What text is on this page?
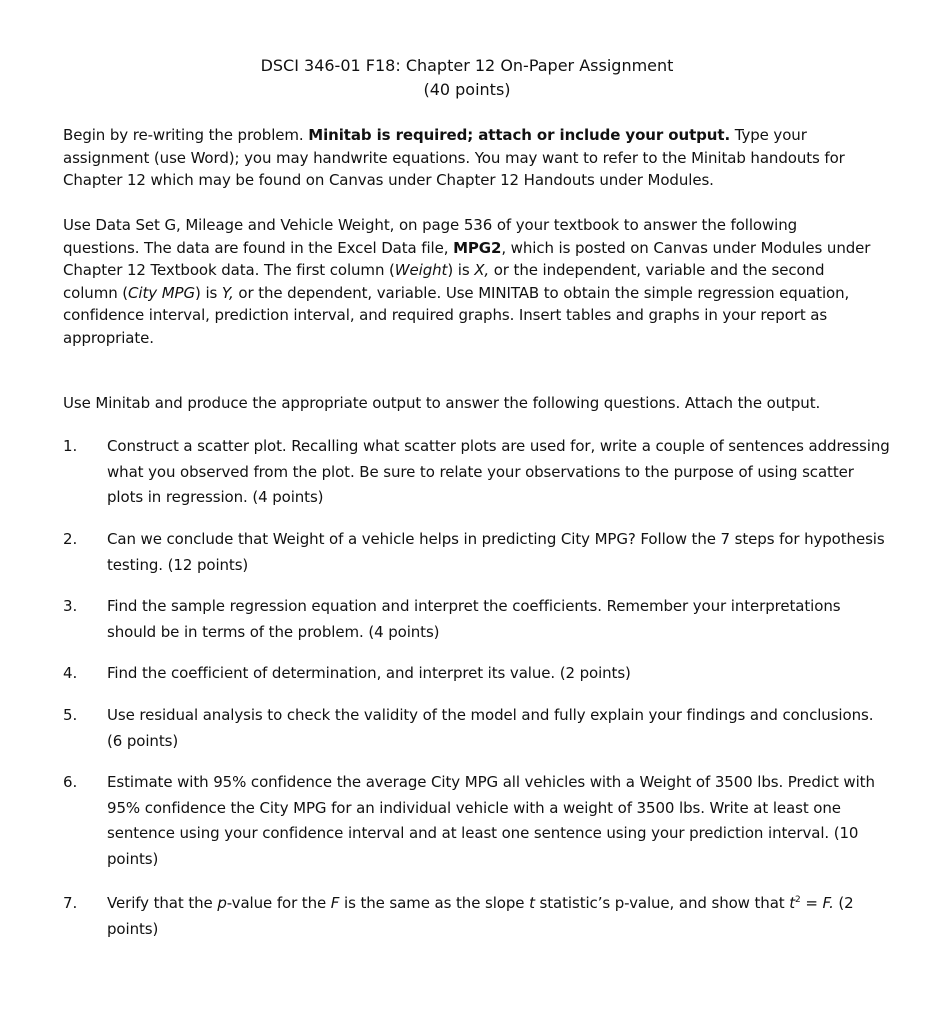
DSCI 346-01 F18: Chapter 12 On-Paper Assignment
(40 points)
Begin by re-writing the problem. Minitab is required; attach or include your output. Type your assignment (use Word); you may handwrite equations. You may want to refer to the Minitab handouts for Chapter 12 which may be found on Canvas under Chapter 12 Handouts under Modules.
Use Data Set G, Mileage and Vehicle Weight, on page 536 of your textbook to answer the following questions. The data are found in the Excel Data file, MPG2, which is posted on Canvas under Modules under Chapter 12 Textbook data. The first column (Weight) is X, or the independent, variable and the second column (City MPG) is Y, or the dependent, variable. Use MINITAB to obtain the simple regression equation, confidence interval, prediction interval, and required graphs. Insert tables and graphs in your report as appropriate.
Use Minitab and produce the appropriate output to answer the following questions. Attach the output.
1.	Construct a scatter plot. Recalling what scatter plots are used for, write a couple of sentences addressing what you observed from the plot. Be sure to relate your observations to the purpose of using scatter plots in regression. (4 points)
2.	Can we conclude that Weight of a vehicle helps in predicting City MPG? Follow the 7 steps for hypothesis testing. (12 points)
3.	Find the sample regression equation and interpret the coefficients. Remember your interpretations should be in terms of the problem. (4 points)
4.	Find the coefficient of determination, and interpret its value. (2 points)
5.	Use residual analysis to check the validity of the model and fully explain your findings and conclusions. (6 points)
6.	Estimate with 95% confidence the average City MPG all vehicles with a Weight of 3500 lbs. Predict with 95% confidence the City MPG for an individual vehicle with a weight of 3500 lbs. Write at least one sentence using your confidence interval and at least one sentence using your prediction interval. (10 points)
7.	Verify that the p-value for the F is the same as the slope t statistic’s p-value, and show that $t^2 = F$. (2 points)
